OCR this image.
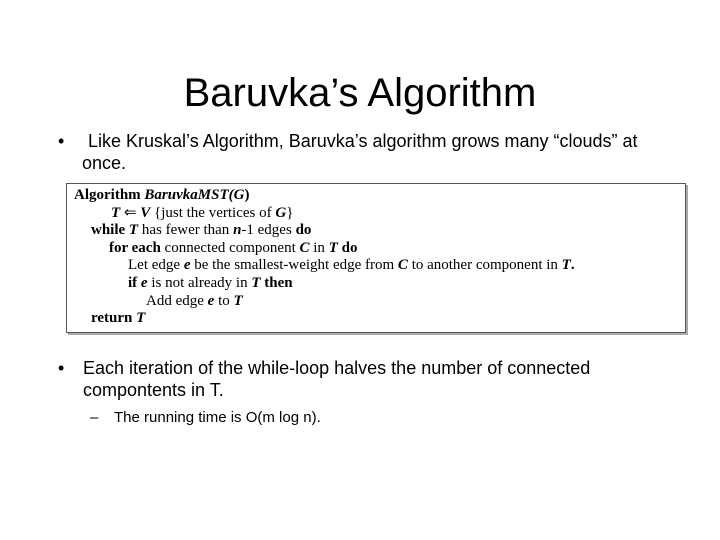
Baruvka’s Algorithm
•	Like Kruskal’s Algorithm, Baruvka’s algorithm grows many “clouds” at once.
Algorithm BaruvkaMST(G)
T ⇐ V {just the vertices of G}
while T has fewer than n-1 edges do
for each connected component C in T do
Let edge e be the smallest-weight edge from C to another component in T.
if e is not already in T then
Add edge e to T
return T
• Each iteration of the while-loop halves the number of connected compontents in T.
– The running time is O(m log n).
